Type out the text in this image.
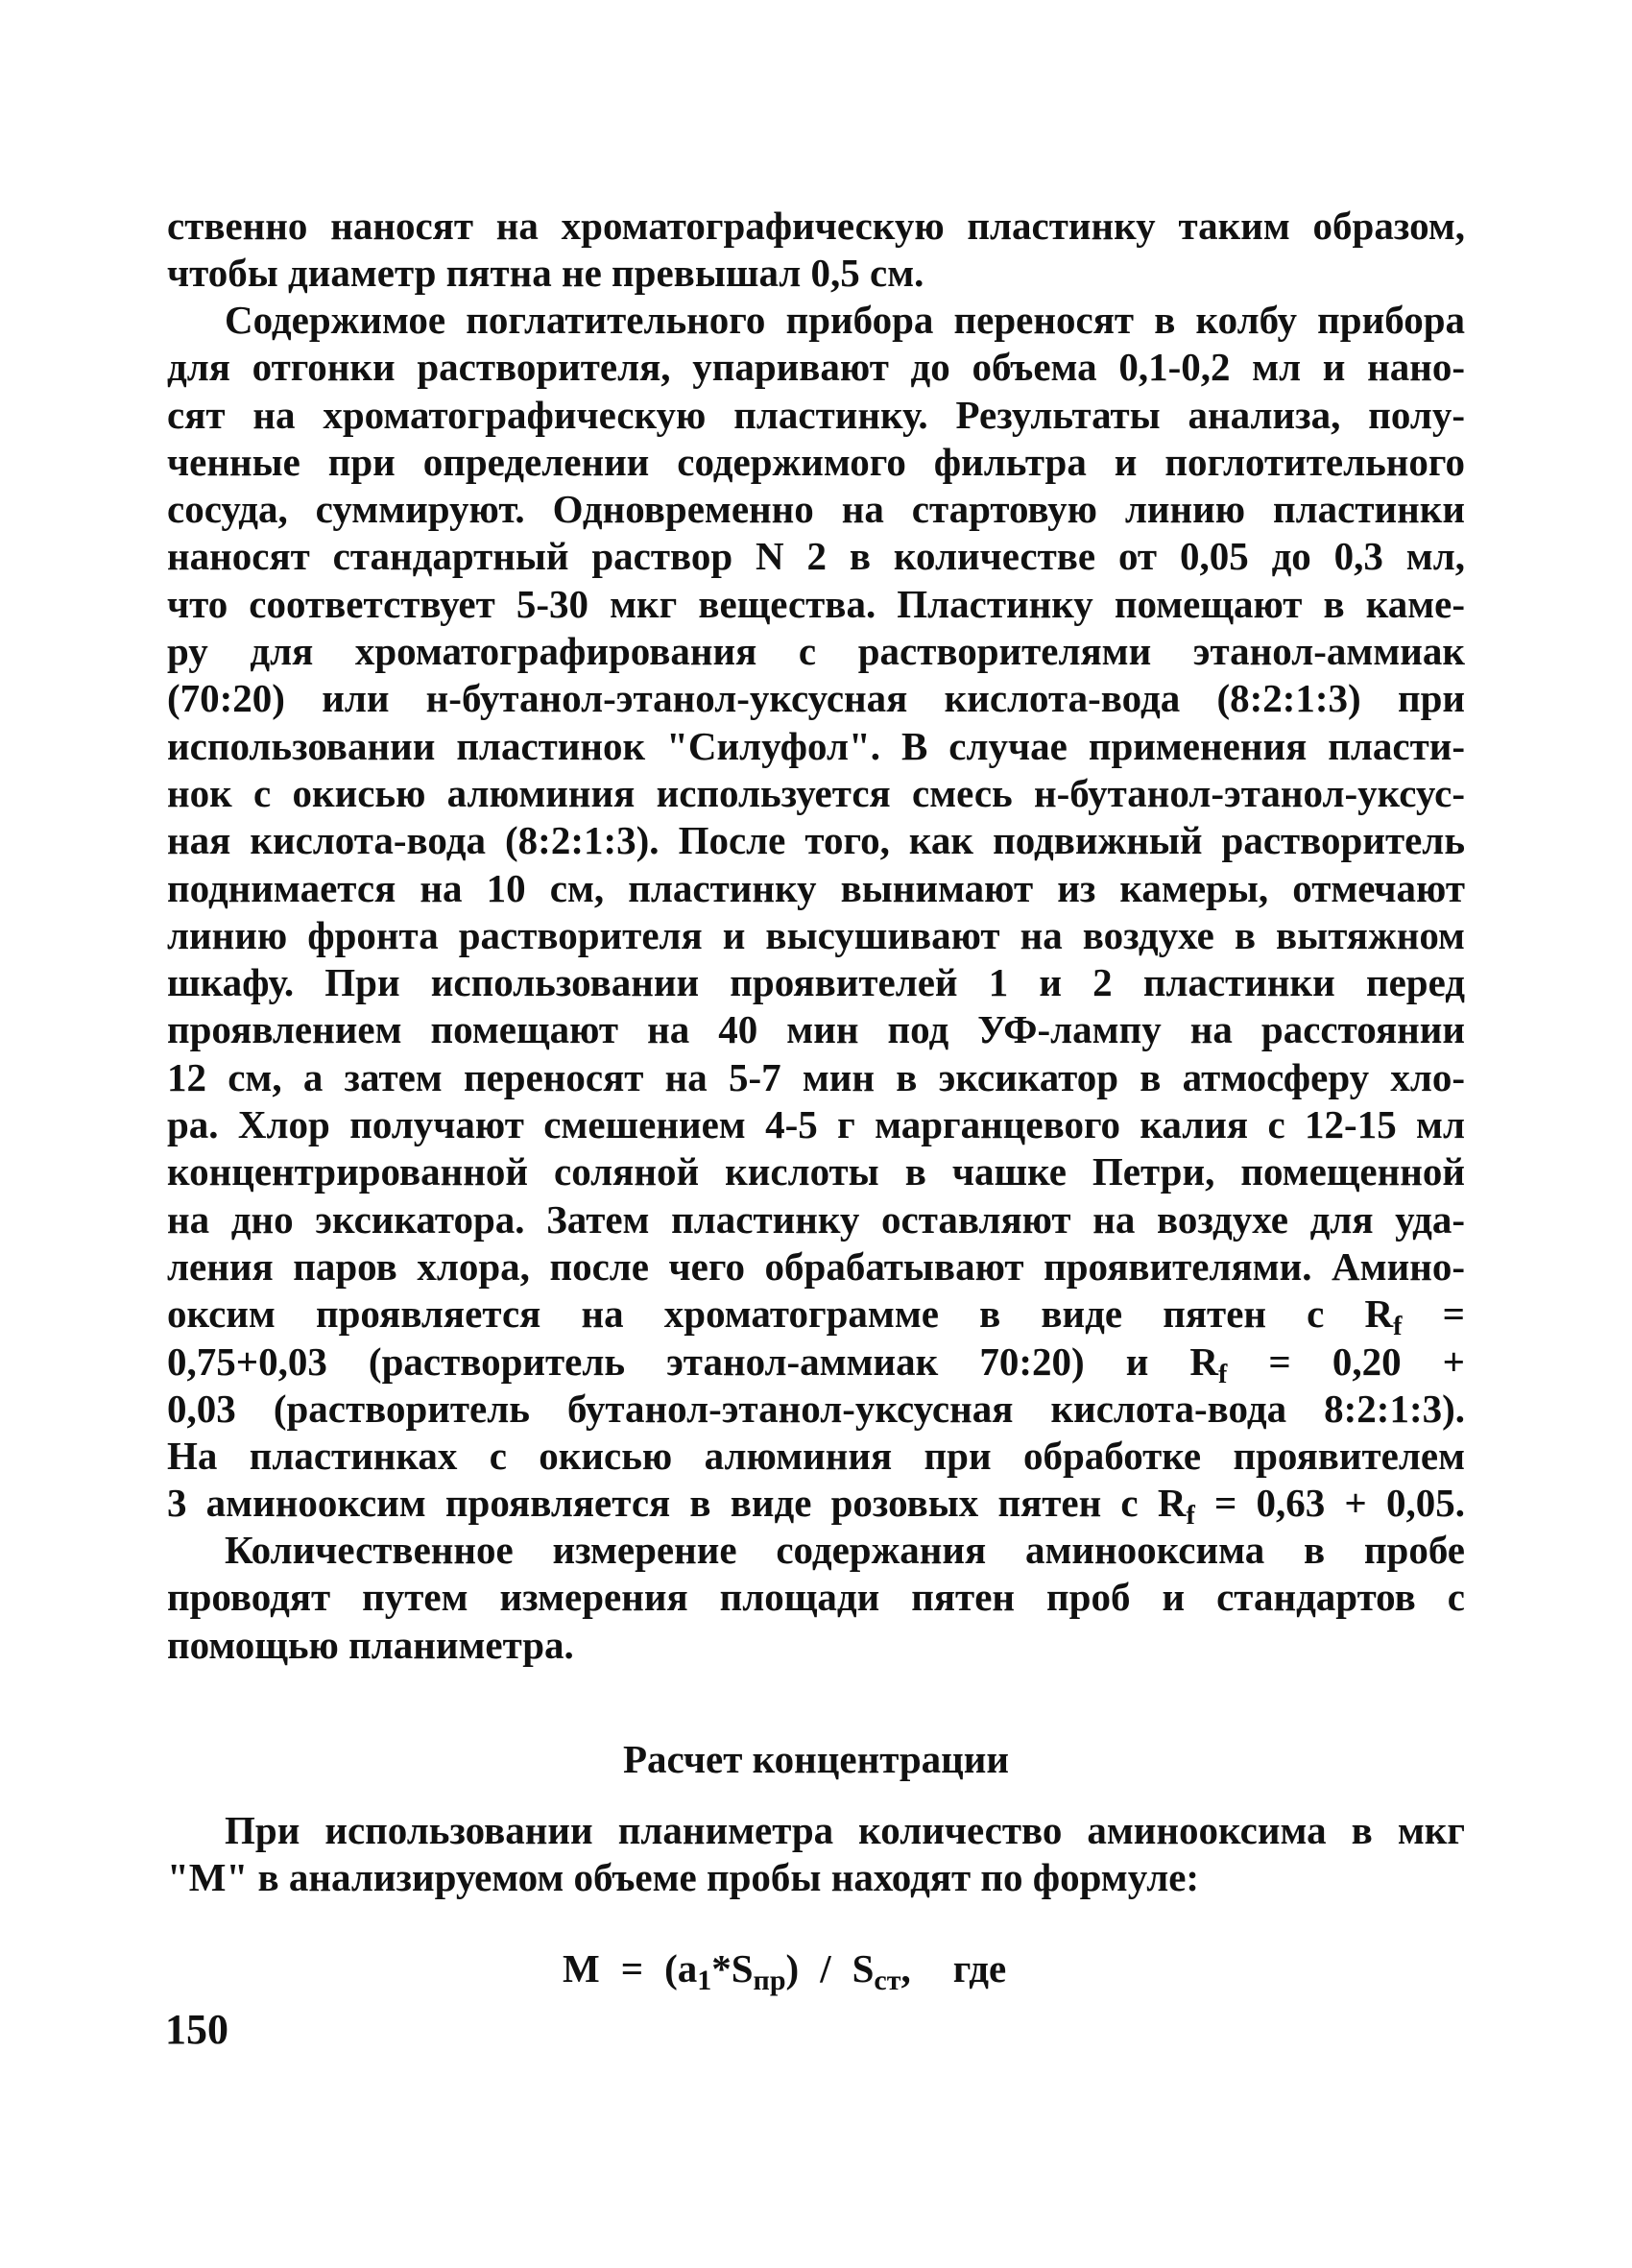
ственно наносят на хроматографическую пластинку таким образом,
чтобы диаметр пятна не превышал 0,5 см.
Содержимое поглатительного прибора переносят в колбу прибора
для отгонки растворителя, упаривают до объема 0,1-0,2 мл и нано-
сят на хроматографическую пластинку. Результаты анализа, полу-
ченные при определении содержимого фильтра и поглотительного
сосуда, суммируют. Одновременно на стартовую линию пластинки
наносят стандартный раствор N 2 в количестве от 0,05 до 0,3 мл,
что соответствует 5-30 мкг вещества. Пластинку помещают в каме-
ру для хроматографирования с растворителями этанол-аммиак
(70:20) или н-бутанол-этанол-уксусная кислота-вода (8:2:1:3) при
использовании пластинок "Силуфол". В случае применения пласти-
нок с окисью алюминия используется смесь н-бутанол-этанол-уксус-
ная кислота-вода (8:2:1:3). После того, как подвижный растворитель
поднимается на 10 см, пластинку вынимают из камеры, отмечают
линию фронта растворителя и высушивают на воздухе в вытяжном
шкафу. При использовании проявителей 1 и 2 пластинки перед
проявлением помещают на 40 мин под УФ-лампу на расстоянии
12 см, а затем переносят на 5-7 мин в эксикатор в атмосферу хло-
ра. Хлор получают смешением 4-5 г марганцевого калия с 12-15 мл
концентрированной соляной кислоты в чашке Петри, помещенной
на дно эксикатора. Затем пластинку оставляют на воздухе для уда-
ления паров хлора, после чего обрабатывают проявителями. Амино-
оксим проявляется на хроматограмме в виде пятен с $R_f$ =
0,75+0,03 (растворитель этанол-аммиак 70:20) и $R_f = 0,20$ +
0,03 (растворитель бутанол-этанол-уксусная кислота-вода 8:2:1:3).
На пластинках с окисью алюминия при обработке проявителем
3 аминооксим проявляется в виде розовых пятен с $R_f = 0,63 + 0,05$.
Количественное измерение содержания аминооксима в пробе
проводят путем измерения площади пятен проб и стандартов с
помощью планиметра.
Расчет концентрации
При использовании планиметра количество аминооксима в мкг
"М" в анализируемом объеме пробы находят по формуле:
$М = (a_1*S_{пр}) / S_{ст}$, где
150
